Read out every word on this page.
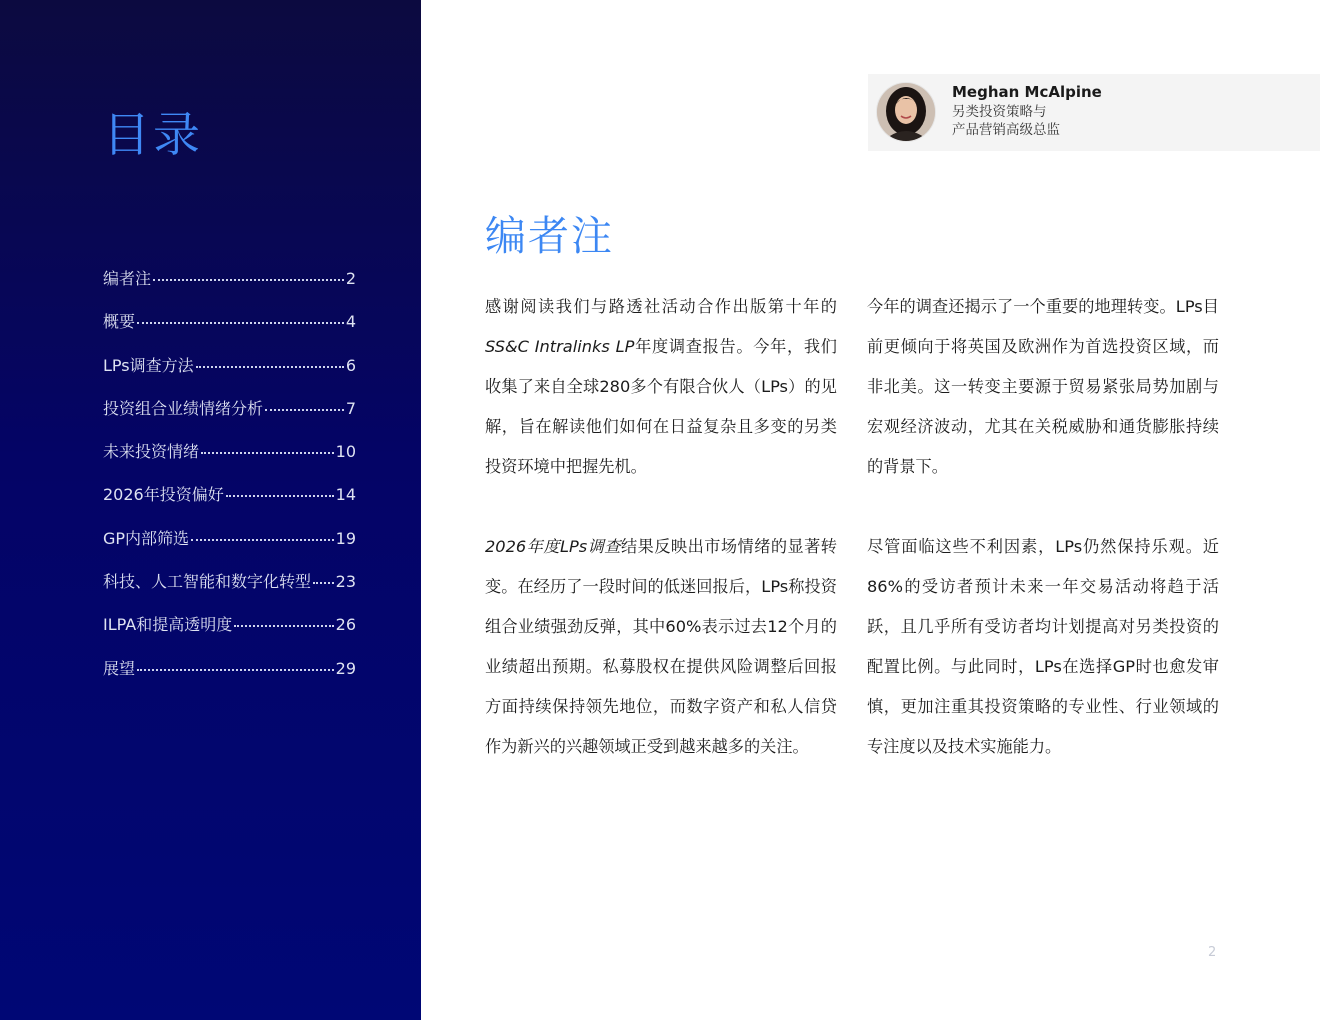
目录
编者注	2
概要	4
LPs调查方法	6
投资组合业绩情绪分析	7
未来投资情绪	10
2026年投资偏好	14
GP内部筛选	19
科技、人工智能和数字化转型 23
ILPA和提高透明度	26
展望	29
Meghan McAlpine
另类投资策略与
产品营销高级总监
编者注

感谢阅读我们与路透社活动合作出版第十年的SS&C Intralinks LP年度调查报告。今年，我们收集了来自全球280多个有限合伙人（LPs）的见解，旨在解读他们如何在日益复杂且多变的另类投资环境中把握先机。

2026年度LPs调查结果反映出市场情绪的显著转变。在经历了一段时间的低迷回报后，LPs称投资组合业绩强劲反弹，其中60%表示过去12个月的业绩超出预期。私募股权在提供风险调整后回报方面持续保持领先地位，而数字资产和私人信贷作为新兴的兴趣领域正受到越来越多的关注。

今年的调查还揭示了一个重要的地理转变。LPs目前更倾向于将英国及欧洲作为首选投资区域，而非北美。这一转变主要源于贸易紧张局势加剧与宏观经济波动，尤其在关税威胁和通货膨胀持续的背景下。

尽管面临这些不利因素，LPs仍然保持乐观。近86%的受访者预计未来一年交易活动将趋于活跃，且几乎所有受访者均计划提高对另类投资的配置比例。与此同时，LPs在选择GP时也愈发审慎，更加注重其投资策略的专业性、行业领域的专注度以及技术实施能力。

2
